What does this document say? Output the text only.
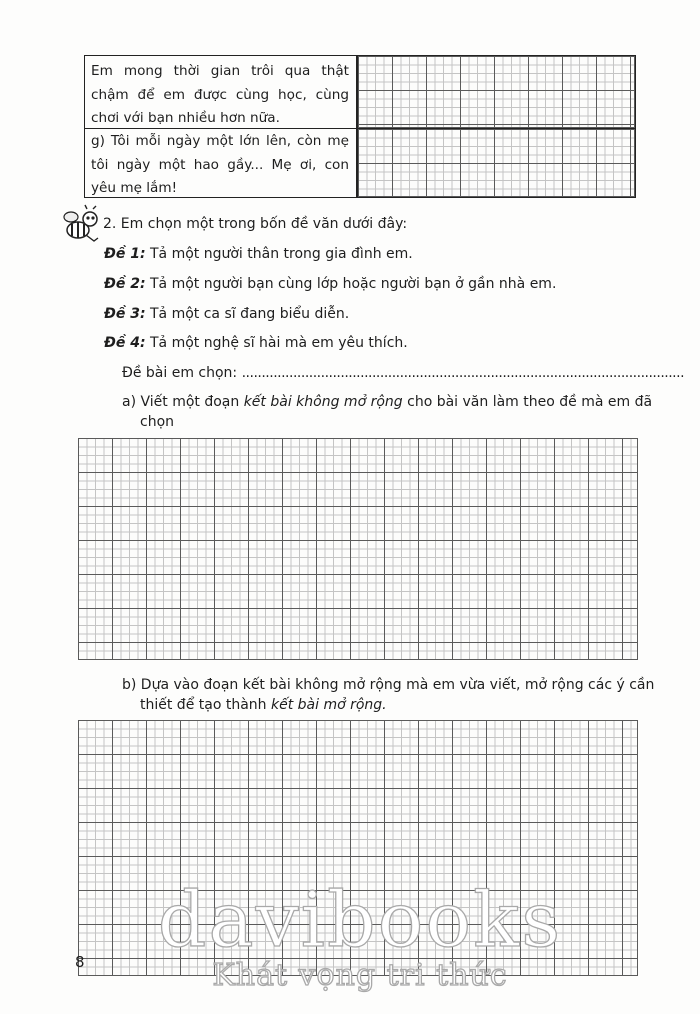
Em mong thời gian trôi qua thật chậm để em được cùng học, cùng chơi với bạn nhiều hơn nữa.
g) Tôi mỗi ngày một lớn lên, còn mẹ tôi ngày một hao gầy... Mẹ ơi, con yêu mẹ lắm!
2. Em chọn một trong bốn đề văn dưới đây:
Đề 1: Tả một người thân trong gia đình em.
Đề 2: Tả một người bạn cùng lớp hoặc người bạn ở gần nhà em.
Đề 3: Tả một ca sĩ đang biểu diễn.
Đề 4: Tả một nghệ sĩ hài mà em yêu thích.
Đề bài em chọn: ................................................................................................................
a) Viết một đoạn kết bài không mở rộng cho bài văn làm theo đề mà em đã
chọn
b) Dựa vào đoạn kết bài không mở rộng mà em vừa viết, mở rộng các ý cần
thiết để tạo thành kết bài mở rộng.
8 davibooks
Khát vọng tri thức
